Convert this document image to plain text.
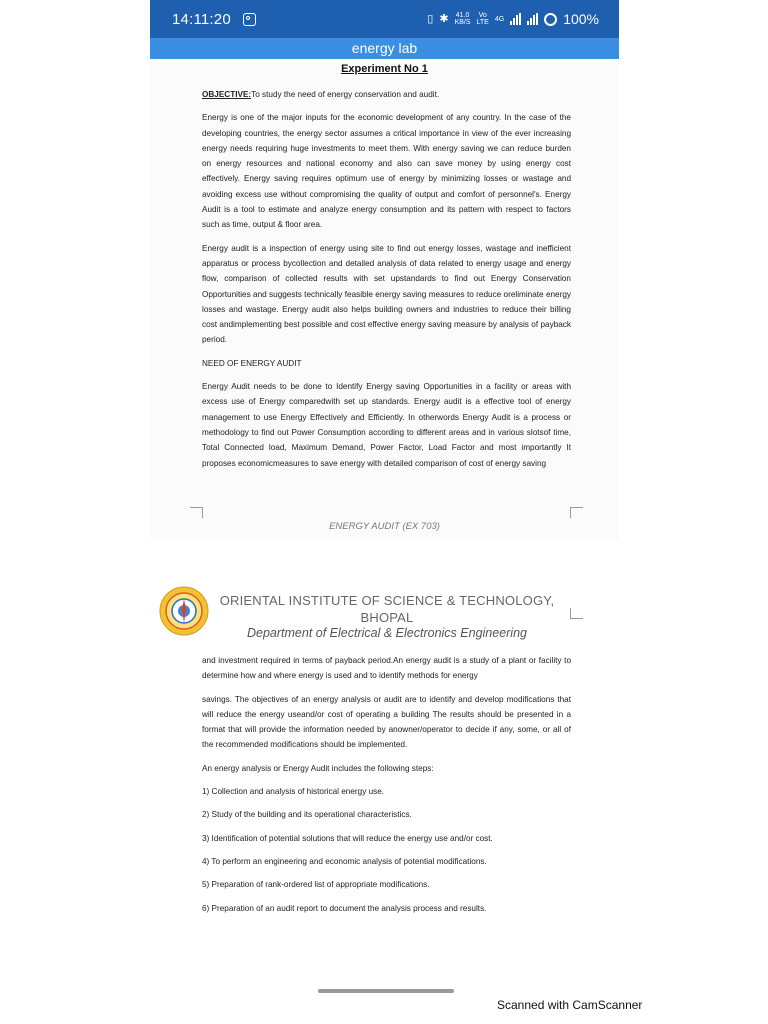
14:11:20	▯ ✱ 41.0
KB/S
Vo
LTE 4G	100%
energy lab
Experiment No 1

OBJECTIVE:To study the need of energy conservation and audit.

Energy is one of the major inputs for the economic development of any country. In the case of the developing countries, the energy sector assumes a critical importance in view of the ever increasing energy needs requiring huge investments to meet them. With energy saving we can reduce burden on energy resources and national economy and also can save money by using energy cost effectively. Energy saving requires optimum use of energy by minimizing losses or wastage and avoiding excess use without compromising the quality of output and comfort of personnel's. Energy Audit is a tool to estimate and analyze energy consumption and its pattern with respect to factors such as time, output & floor area.

Energy audit is a inspection of energy using site to find out energy losses, wastage and inefficient apparatus or process bycollection and detailed analysis of data related to energy usage and energy flow, comparison of collected results with set upstandards to find out Energy Conservation Opportunities and suggests technically feasible energy saving measures to reduce oreliminate energy losses and wastage. Energy audit also helps building owners and industries to reduce their billing cost andimplementing best possible and cost effective energy saving measure by analysis of payback period.

NEED OF ENERGY AUDIT

Energy Audit needs to be done to Identify Energy saving Opportunities in a facility or areas with excess use of Energy comparedwith set up standards. Energy audit is a effective tool of energy management to use Energy Effectively and Efficiently. In otherwords Energy Audit is a process or methodology to find out Power Consumption according to different areas and in various slotsof time, Total Connected load, Maximum Demand, Power Factor, Load Factor and most importantly It proposes economicmeasures to save energy with detailed comparison of cost of energy saving

ENERGY AUDIT (EX 703)
ORIENTAL INSTITUTE OF SCIENCE & TECHNOLOGY,
BHOPAL
Department of Electrical & Electronics Engineering

and investment required in terms of payback period.An energy audit is a study of a plant or facility to determine how and where energy is used and to identify methods for energy

savings. The objectives of an energy analysis or audit are to identify and develop modifications that will reduce the energy useand/or cost of operating a building The results should be presented in a format that will provide the information needed by anowner/operator to decide if any, some, or all of the recommended modifications should be implemented.

An energy analysis or Energy Audit includes the following steps:

1) Collection and analysis of historical energy use.

2) Study of the building and its operational characteristics.

3) Identification of potential solutions that will reduce the energy use and/or cost.

4) To perform an engineering and economic analysis of potential modifications.

5) Preparation of rank-ordered list of appropriate modifications.

6) Preparation of an audit report to document the analysis process and results.

Scanned with CamScanner
